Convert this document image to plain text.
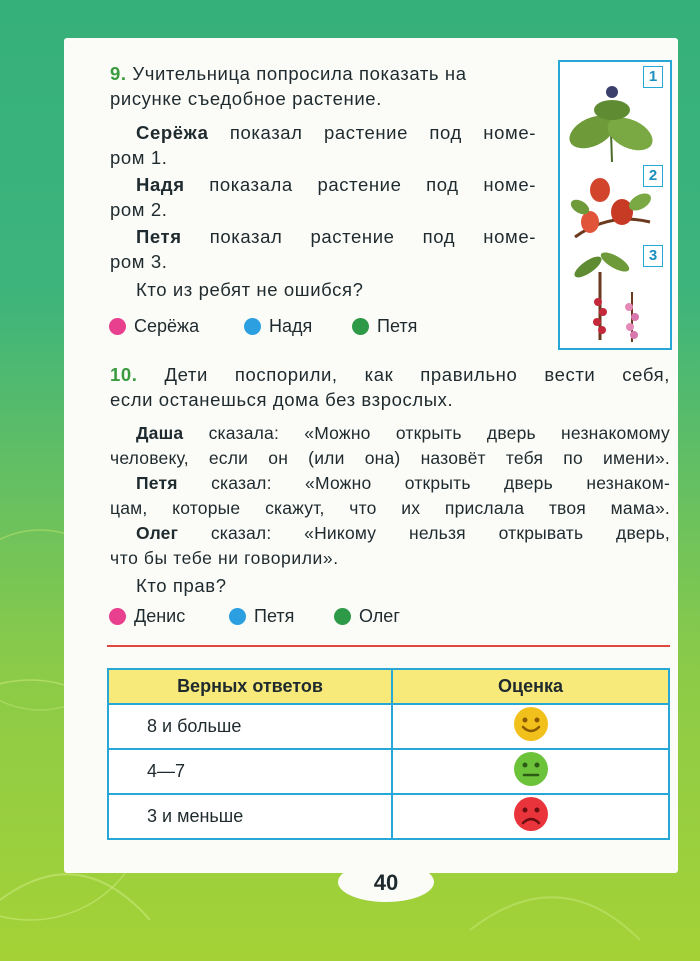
9. Учительница попросила показать на
рисунке съедобное растение.
Серёжа показал растение под номе-
ром 1.
Надя показала растение под номе-
ром 2.
Петя показал растение под номе-
ром 3.
Кто из ребят не ошибся?
Серёжа	Надя	Петя
1
2
3
10. Дети поспорили, как правильно вести себя,
если останешься дома без взрослых.
Даша сказала: «Можно открыть дверь незнакомому
человеку, если он (или она) назовёт тебя по имени».
Петя сказал: «Можно открыть дверь незнаком-
цам, которые скажут, что их прислала твоя мама».
Олег сказал: «Никому нельзя открывать дверь,
что бы тебе ни говорили».
Кто прав?
Денис	Петя	Олег
Верных ответов	Оценка
8 и больше	
4—7	
3 и меньше	
40
